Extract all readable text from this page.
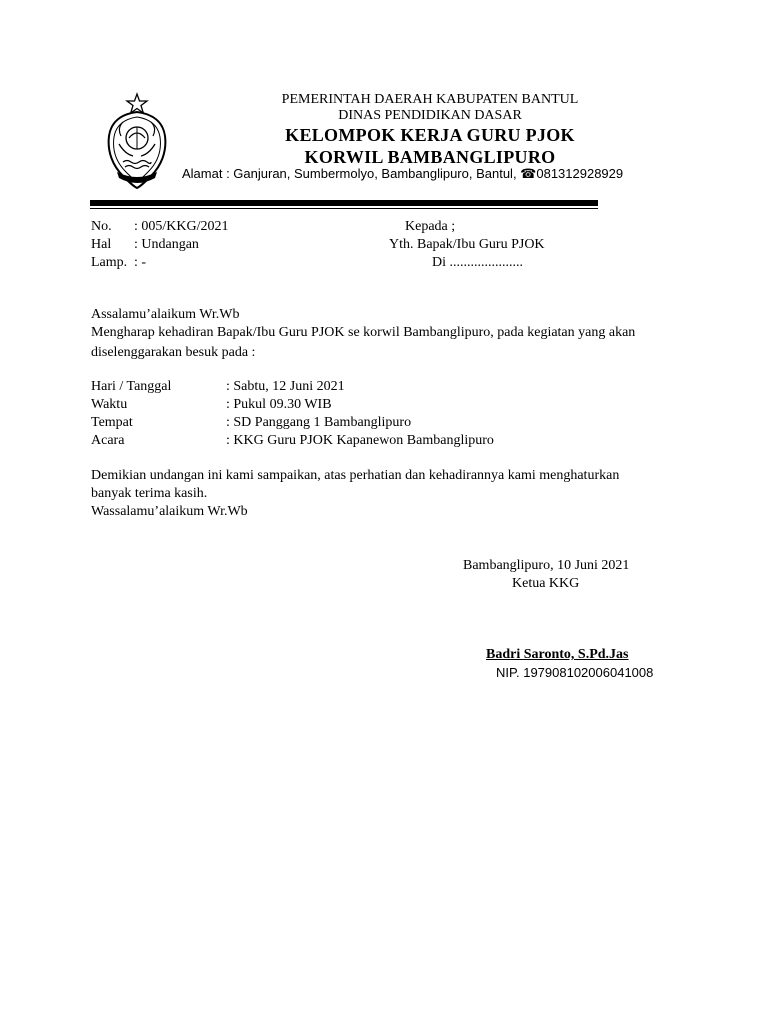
PEMERINTAH DAERAH KABUPATEN BANTUL
DINAS PENDIDIKAN DASAR
KELOMPOK KERJA GURU PJOK
KORWIL BAMBANGLIPURO
Alamat : Ganjuran, Sumbermolyo, Bambanglipuro, Bantul, ☎081312928929
No. : 005/KKG/2021
Hal : Undangan
Lamp. : -
Kepada ;
Yth. Bapak/Ibu Guru PJOK
Di .....................
Assalamu’alaikum Wr.Wb
Mengharap kehadiran Bapak/Ibu Guru PJOK se korwil Bambanglipuro, pada kegiatan yang akan
diselenggarakan besuk pada :
Hari / Tanggal	: Sabtu, 12 Juni 2021
Waktu	: Pukul 09.30 WIB
Tempat	: SD Panggang 1 Bambanglipuro
Acara	: KKG Guru PJOK Kapanewon Bambanglipuro
Demikian undangan ini kami sampaikan, atas perhatian dan kehadirannya kami menghaturkan
banyak terima kasih.
Wassalamu’alaikum Wr.Wb
Bambanglipuro, 10 Juni 2021
Ketua KKG
Badri Saronto, S.Pd.Jas
NIP. 197908102006041008
